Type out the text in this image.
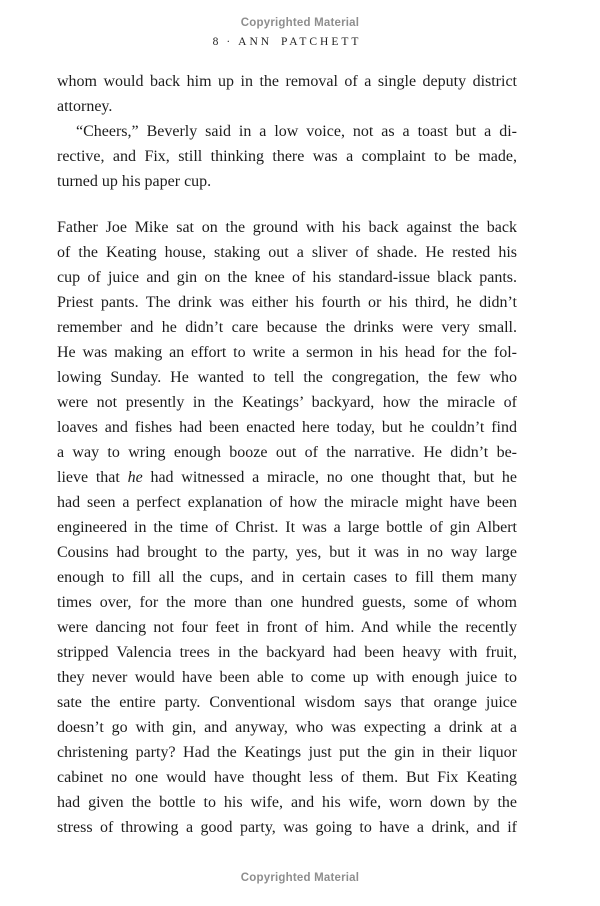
Copyrighted Material
8 · ANN PATCHETT
whom would back him up in the removal of a single deputy district
attorney.
“Cheers,” Beverly said in a low voice, not as a toast but a di-
rective, and Fix, still thinking there was a complaint to be made,
turned up his paper cup.
Father Joe Mike sat on the ground with his back against the back
of the Keating house, staking out a sliver of shade. He rested his
cup of juice and gin on the knee of his standard-issue black pants.
Priest pants. The drink was either his fourth or his third, he didn’t
remember and he didn’t care because the drinks were very small.
He was making an effort to write a sermon in his head for the fol-
lowing Sunday. He wanted to tell the congregation, the few who
were not presently in the Keatings’ backyard, how the miracle of
loaves and fishes had been enacted here today, but he couldn’t find
a way to wring enough booze out of the narrative. He didn’t be-
lieve that he had witnessed a miracle, no one thought that, but he
had seen a perfect explanation of how the miracle might have been
engineered in the time of Christ. It was a large bottle of gin Albert
Cousins had brought to the party, yes, but it was in no way large
enough to fill all the cups, and in certain cases to fill them many
times over, for the more than one hundred guests, some of whom
were dancing not four feet in front of him. And while the recently
stripped Valencia trees in the backyard had been heavy with fruit,
they never would have been able to come up with enough juice to
sate the entire party. Conventional wisdom says that orange juice
doesn’t go with gin, and anyway, who was expecting a drink at a
christening party? Had the Keatings just put the gin in their liquor
cabinet no one would have thought less of them. But Fix Keating
had given the bottle to his wife, and his wife, worn down by the
stress of throwing a good party, was going to have a drink, and if
Copyrighted Material
